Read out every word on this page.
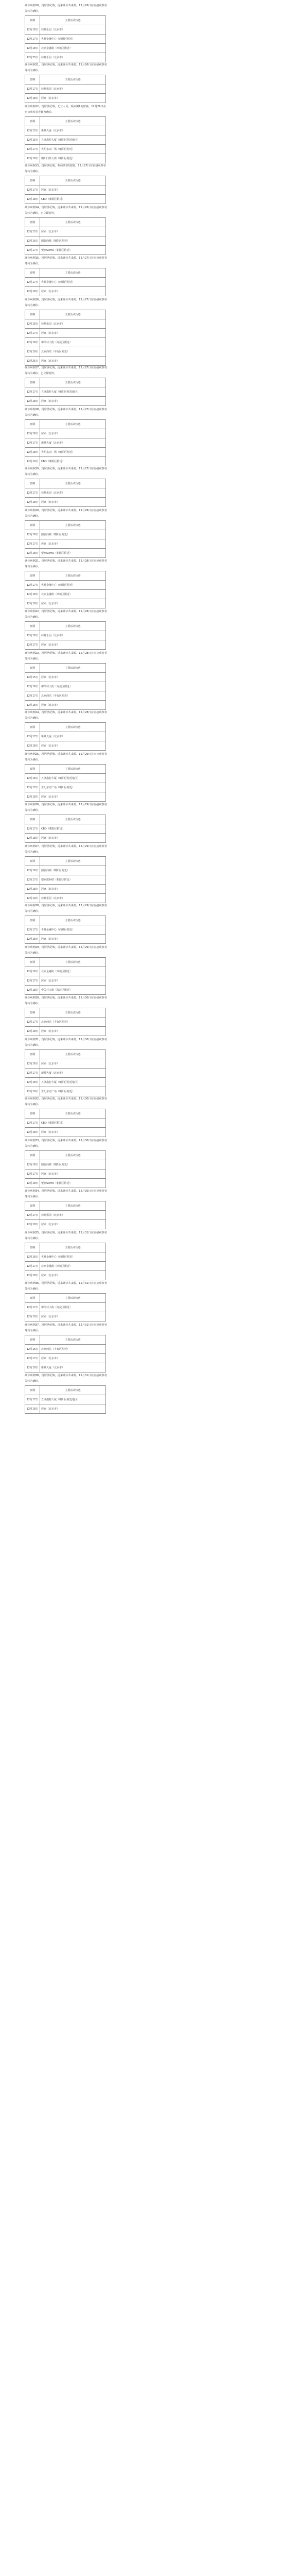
确诊病例10，现居世纪城，近来确诊共来源，12月26日在密接观察者等转为确诊。
日期	主要活动轨迹
12月16日	荷塘乐园（北京市）
12月17日	世界金融中心（西城区附近）
12月18日	北京金融街（西城区附近）
12月25日	荷塘乐园（北京市）
确诊病例11，现居世纪城，近来确诊共来源，12月26日在密接观察者等转为确诊。
日期	主要活动轨迹
12月17日	荷塘乐园（北京市）
12月18日	居家（北京市）
确诊病例12，现居世纪城，无业人员，系病例1的密接，12月26日在密接观察者等转为确诊。
日期	主要活动轨迹
12月15日	新城大厦（北京市）
12月16日	五洲鑫村大厦（朝阳区附近地区）
12月17日	世纪东方广场（朝阳区附近）
12月18日	朝阳门外大街（朝阳区附近）
确诊病例13，现居世纪城，系病例1的密接，12月27日在密接观察者等转为确诊。
日期	主要活动轨迹
12月17日	居家（北京市）
12月18日	CBD（朝阳区附近）
确诊病例14，现居世纪城，近来确诊共来源，12月26日在密接观察者等转为确诊，已立即管控。
日期	主要活动轨迹
12月15日	居家（北京市）
12月16日	国贸商城（朝阳区附近）
12月17日	望京SOHO（朝阳区附近）
确诊病例15，现居世纪城，近来确诊共来源，12月27日在密接观察者等转为确诊。
日期	主要活动轨迹
12月17日	世界金融中心（西城区附近）
12月18日	居家（北京市）
确诊病例16，现居世纪城，近来确诊共来源，12月27日在密接观察者等转为确诊。
日期	主要活动轨迹
12月16日	荷塘乐园（北京市）
12月17日	居家（北京市）
12月18日	中关村大街（海淀区附近）
12月19日	北京西站（丰台区附近）
12月25日	居家（北京市）
确诊病例17，现居世纪城，近来确诊共来源，12月27日在密接观察者等转为确诊，已立即管控。
日期	主要活动轨迹
12月17日	五洲鑫村大厦（朝阳区附近地区）
12月18日	居家（北京市）
确诊病例18，现居世纪城，近来确诊共来源，12月27日在密接观察者等转为确诊。
日期	主要活动轨迹
12月16日	居家（北京市）
12月17日	新城大厦（北京市）
12月18日	世纪东方广场（朝阳区附近）
12月19日	CBD（朝阳区附近）
确诊病例19，现居世纪城，近来确诊共来源，12月27日在密接观察者等转为确诊。
日期	主要活动轨迹
12月17日	荷塘乐园（北京市）
12月18日	居家（北京市）
确诊病例20，现居世纪城，近来确诊共来源，12月28日在密接观察者等转为确诊。
日期	主要活动轨迹
12月16日	国贸商城（朝阳区附近）
12月17日	居家（北京市）
12月18日	望京SOHO（朝阳区附近）
确诊病例21，现居世纪城，近来确诊共来源，12月28日在密接观察者等转为确诊。
日期	主要活动轨迹
12月17日	世界金融中心（西城区附近）
12月18日	北京金融街（西城区附近）
12月19日	居家（北京市）
确诊病例22，现居世纪城，近来确诊共来源，12月28日在密接观察者等转为确诊。
日期	主要活动轨迹
12月16日	荷塘乐园（北京市）
12月17日	居家（北京市）
确诊病例23，现居世纪城，近来确诊共来源，12月28日在密接观察者等转为确诊。
日期	主要活动轨迹
12月15日	居家（北京市）
12月16日	中关村大街（海淀区附近）
12月17日	北京西站（丰台区附近）
12月18日	居家（北京市）
确诊病例24，现居世纪城，近来确诊共来源，12月28日在密接观察者等转为确诊。
日期	主要活动轨迹
12月17日	新城大厦（北京市）
12月18日	居家（北京市）
确诊病例25，现居世纪城，近来确诊共来源，12月29日在密接观察者等转为确诊。
日期	主要活动轨迹
12月16日	五洲鑫村大厦（朝阳区附近地区）
12月17日	世纪东方广场（朝阳区附近）
12月18日	居家（北京市）
确诊病例26，现居世纪城，近来确诊共来源，12月29日在密接观察者等转为确诊。
日期	主要活动轨迹
12月17日	CBD（朝阳区附近）
12月18日	居家（北京市）
确诊病例27，现居世纪城，近来确诊共来源，12月29日在密接观察者等转为确诊。
日期	主要活动轨迹
12月16日	国贸商城（朝阳区附近）
12月17日	望京SOHO（朝阳区附近）
12月18日	居家（北京市）
12月19日	荷塘乐园（北京市）
确诊病例28，现居世纪城，近来确诊共来源，12月29日在密接观察者等转为确诊。
日期	主要活动轨迹
12月17日	世界金融中心（西城区附近）
12月18日	居家（北京市）
确诊病例29，现居世纪城，近来确诊共来源，12月29日在密接观察者等转为确诊。
日期	主要活动轨迹
12月16日	北京金融街（西城区附近）
12月17日	居家（北京市）
12月18日	中关村大街（海淀区附近）
确诊病例30，现居世纪城，近来确诊共来源，12月30日在密接观察者等转为确诊。
日期	主要活动轨迹
12月17日	北京西站（丰台区附近）
12月18日	居家（北京市）
确诊病例31，现居世纪城，近来确诊共来源，12月30日在密接观察者等转为确诊。
日期	主要活动轨迹
12月16日	居家（北京市）
12月17日	新城大厦（北京市）
12月18日	五洲鑫村大厦（朝阳区附近地区）
12月19日	世纪东方广场（朝阳区附近）
确诊病例32，现居世纪城，近来确诊共来源，12月30日在密接观察者等转为确诊。
日期	主要活动轨迹
12月17日	CBD（朝阳区附近）
12月18日	居家（北京市）
确诊病例33，现居世纪城，近来确诊共来源，12月30日在密接观察者等转为确诊。
日期	主要活动轨迹
12月16日	国贸商城（朝阳区附近）
12月17日	居家（北京市）
12月18日	望京SOHO（朝阳区附近）
确诊病例34，现居世纪城，近来确诊共来源，12月30日在密接观察者等转为确诊。
日期	主要活动轨迹
12月17日	荷塘乐园（北京市）
12月18日	居家（北京市）
确诊病例35，现居世纪城，近来确诊共来源，12月31日在密接观察者等转为确诊。
日期	主要活动轨迹
12月16日	世界金融中心（西城区附近）
12月17日	北京金融街（西城区附近）
12月18日	居家（北京市）
确诊病例36，现居世纪城，近来确诊共来源，12月31日在密接观察者等转为确诊。
日期	主要活动轨迹
12月17日	中关村大街（海淀区附近）
12月18日	居家（北京市）
确诊病例37，现居世纪城，近来确诊共来源，12月31日在密接观察者等转为确诊。
日期	主要活动轨迹
12月16日	北京西站（丰台区附近）
12月17日	居家（北京市）
12月18日	新城大厦（北京市）
确诊病例38，现居世纪城，近来确诊共来源，12月31日在密接观察者等转为确诊。
日期	主要活动轨迹
12月17日	五洲鑫村大厦（朝阳区附近地区）
12月18日	居家（北京市）
